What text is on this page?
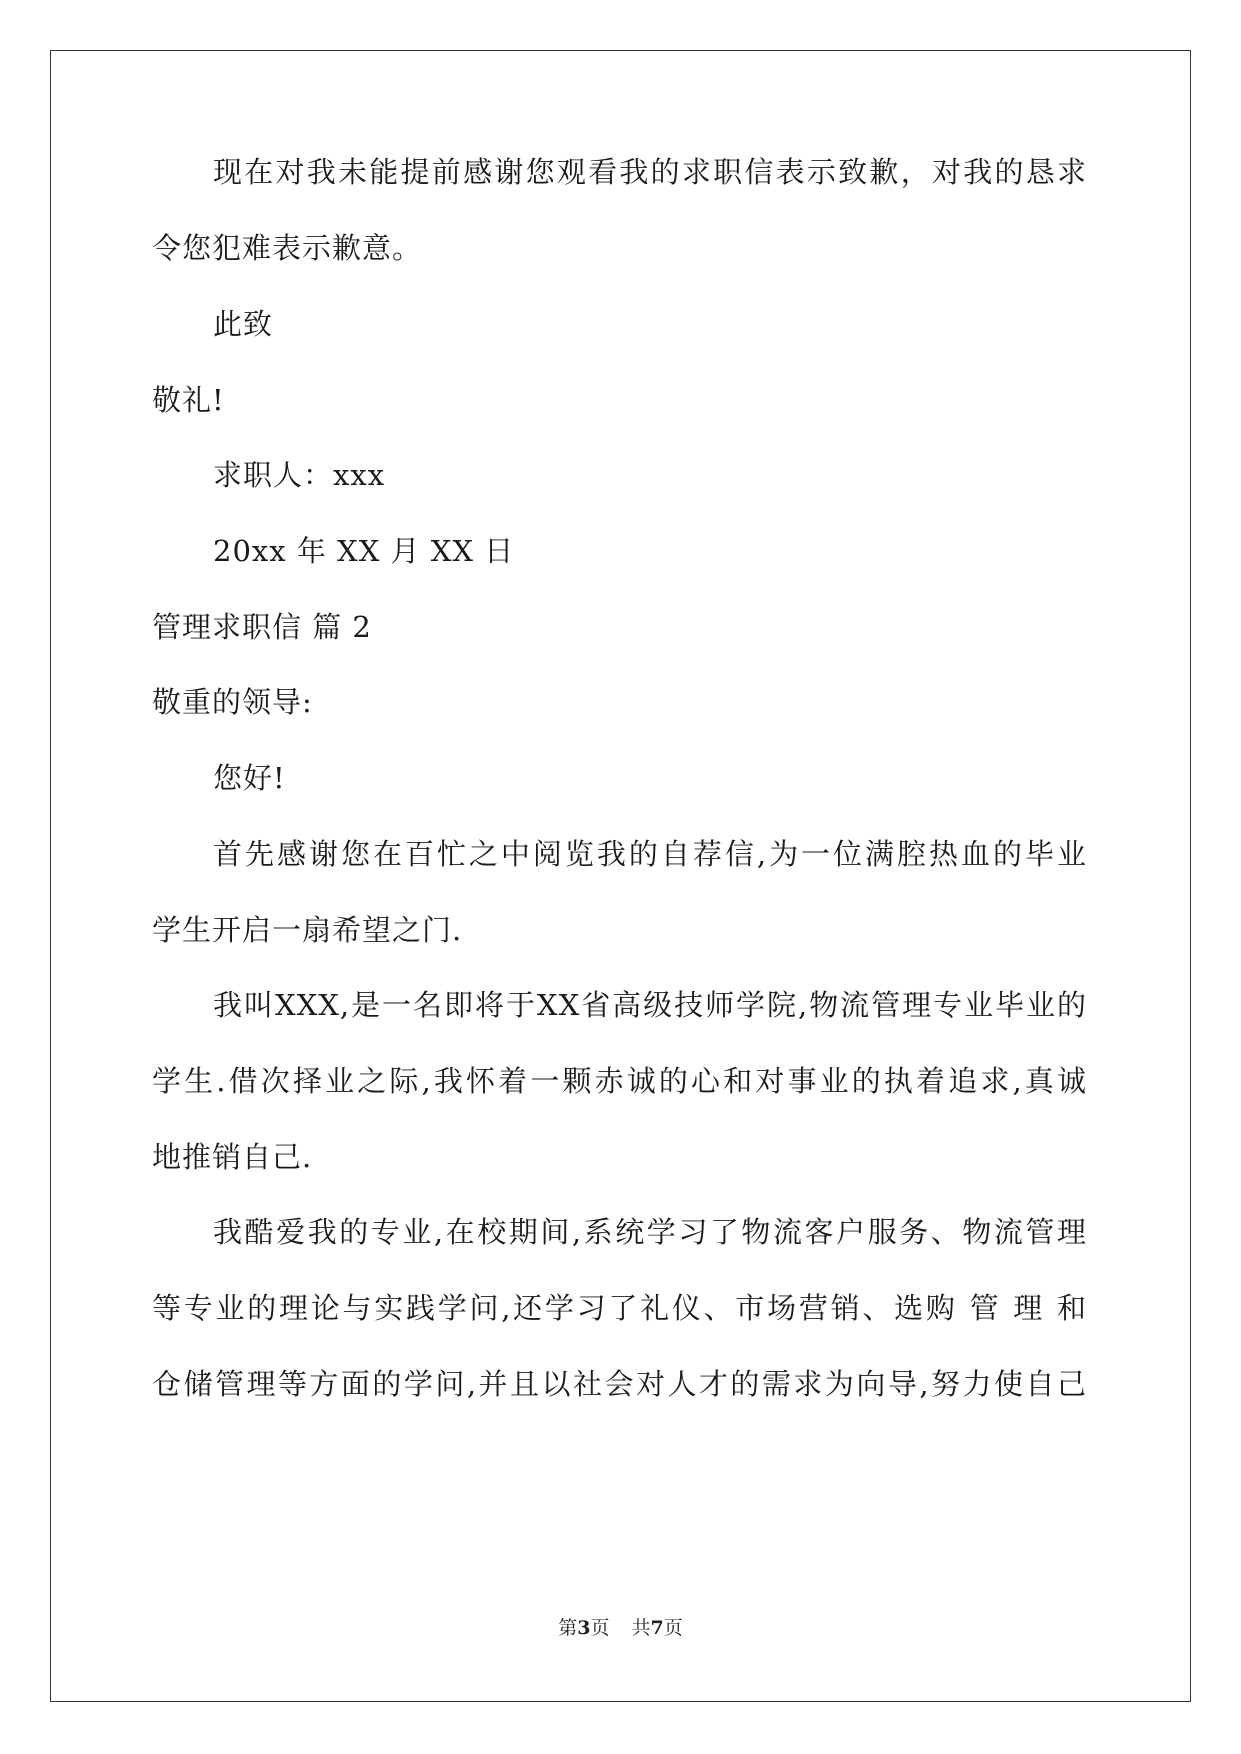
现在对我未能提前感谢您观看我的求职信表示致歉，对我的恳求
令您犯难表示歉意。
此致
敬礼!
求职人：xxx
20xx 年 XX 月 XX 日
管理求职信 篇 2
敬重的领导:
您好!
首先感谢您在百忙之中阅览我的自荐信,为一位满腔热血的毕业
学生开启一扇希望之门.
我叫XXX,是一名即将于XX省高级技师学院,物流管理专业毕业的
学生.借次择业之际,我怀着一颗赤诚的心和对事业的执着追求,真诚
地推销自己.
我酷爱我的专业,在校期间,系统学习了物流客户服务、物流管理
等专业的理论与实践学问,还学习了礼仪、市场营销、选购 管 理 和
仓储管理等方面的学问,并且以社会对人才的需求为向导,努力使自己
第3页 共7页
